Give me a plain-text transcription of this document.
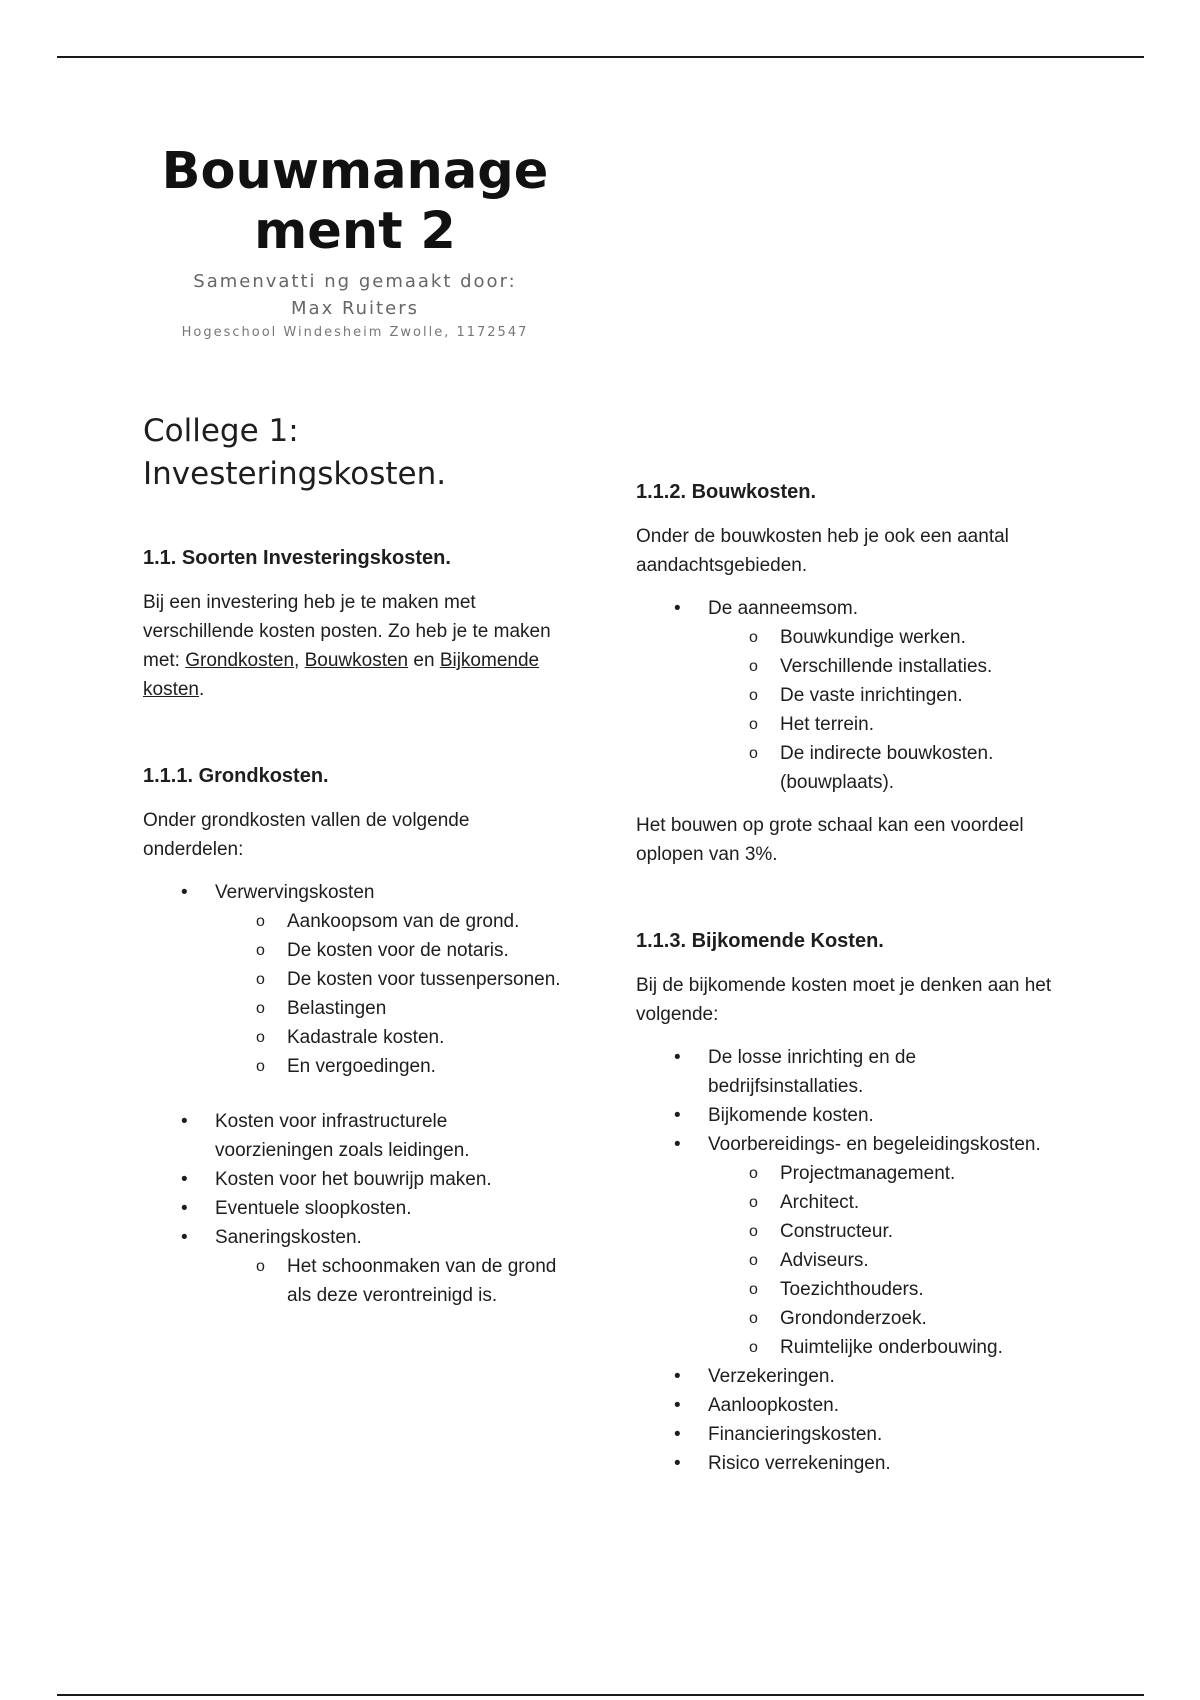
Bouwmanage
ment 2
Samenvatti ng gemaakt door:
Max Ruiters
Hogeschool Windesheim Zwolle, 1172547
College 1:
Investeringskosten.
1.1. Soorten Investeringskosten.

Bij een investering heb je te maken met verschillende kosten posten. Zo heb je te maken met: Grondkosten, Bouwkosten en Bijkomende kosten.

1.1.1. Grondkosten.

Onder grondkosten vallen de volgende onderdelen:

• Verwervingskosten
o Aankoopsom van de grond.
o De kosten voor de notaris.
o De kosten voor tussenpersonen.
o Belastingen
o Kadastrale kosten.
o En vergoedingen.
• Kosten voor infrastructurele voorzieningen zoals leidingen.
• Kosten voor het bouwrijp maken.
• Eventuele sloopkosten.
• Saneringskosten.
o Het schoonmaken van de grond als deze verontreinigd is.
1.1.2. Bouwkosten.

Onder de bouwkosten heb je ook een aantal aandachtsgebieden.

• De aanneemsom.
o Bouwkundige werken.
o Verschillende installaties.
o De vaste inrichtingen.
o Het terrein.
o De indirecte bouwkosten. (bouwplaats).

Het bouwen op grote schaal kan een voordeel oplopen van 3%.

1.1.3. Bijkomende Kosten.

Bij de bijkomende kosten moet je denken aan het volgende:

• De losse inrichting en de bedrijfsinstallaties.
• Bijkomende kosten.
• Voorbereidings- en begeleidingskosten.
o Projectmanagement.
o Architect.
o Constructeur.
o Adviseurs.
o Toezichthouders.
o Grondonderzoek.
o Ruimtelijke onderbouwing.
• Verzekeringen.
• Aanloopkosten.
• Financieringskosten.
• Risico verrekeningen.
